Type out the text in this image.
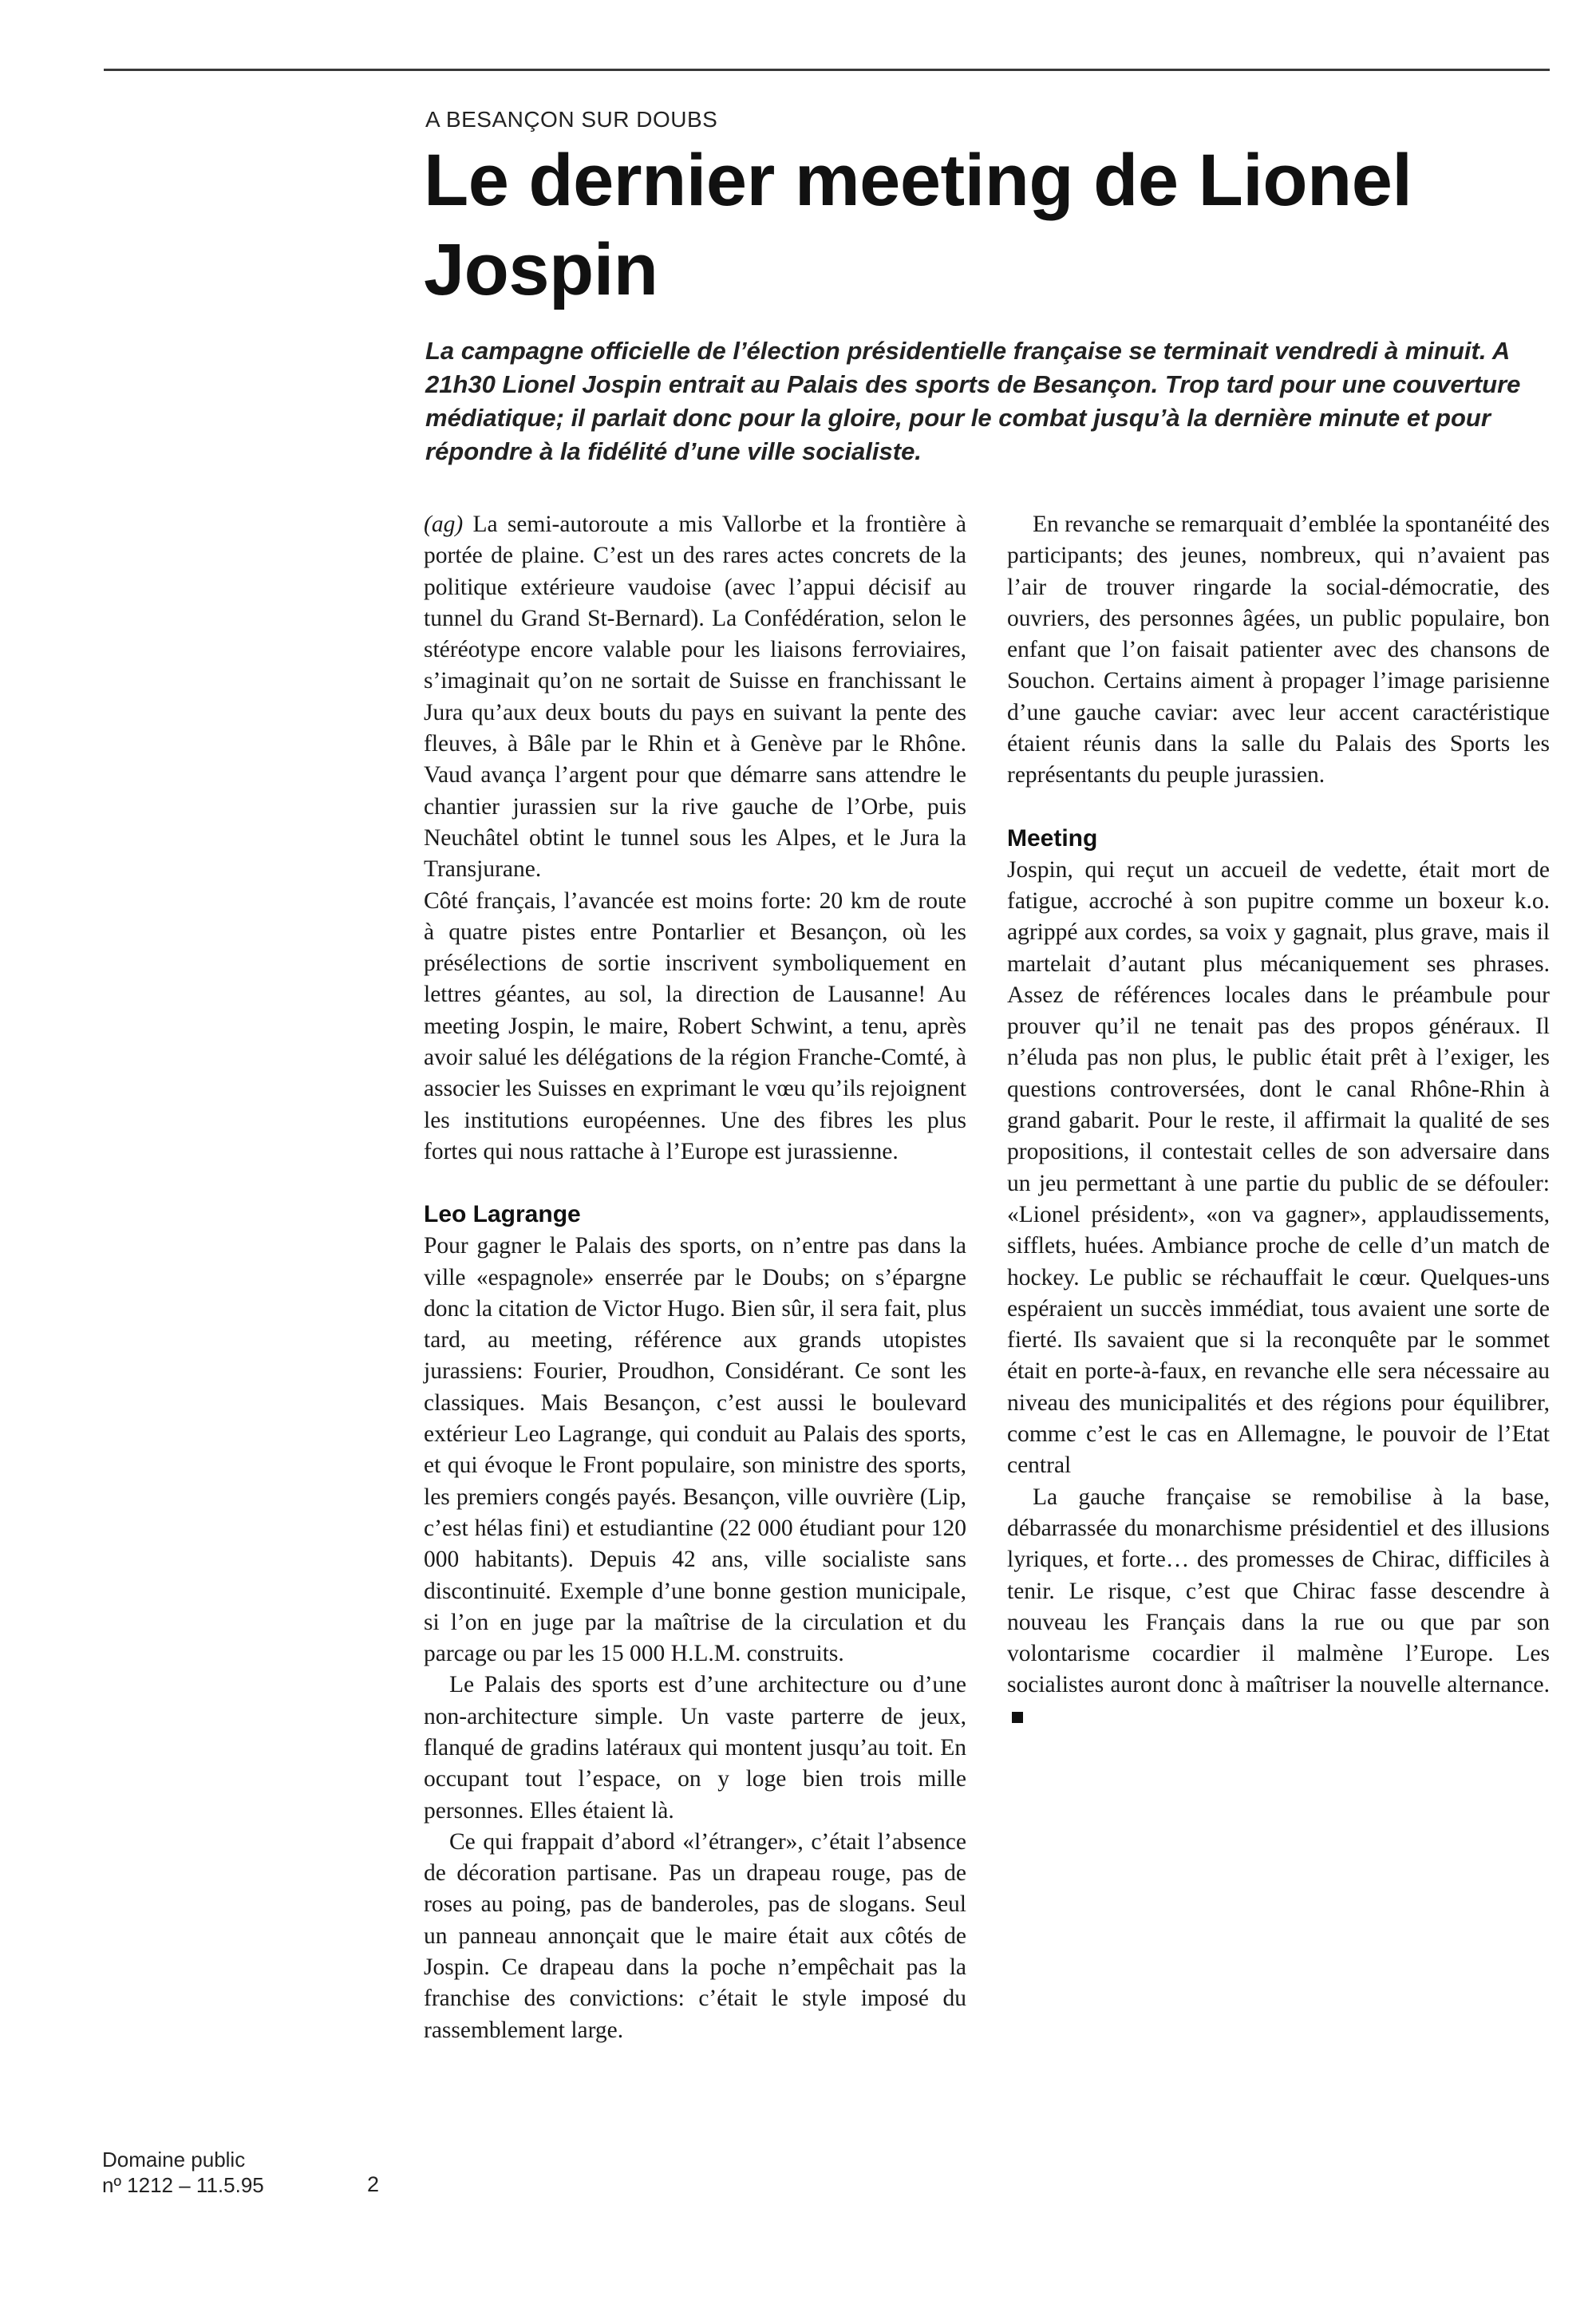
A BESANÇON SUR DOUBS
Le dernier meeting de Lionel Jospin

La campagne officielle de l’élection présidentielle française se terminait vendredi à minuit. A 21h30 Lionel Jospin entrait au Palais des sports de Besançon. Trop tard pour une couverture médiatique; il parlait donc pour la gloire, pour le combat jusqu’à la dernière minute et pour répondre à la fidélité d’une ville socialiste.

(ag) La semi-autoroute a mis Vallorbe et la frontière à portée de plaine. C’est un des rares actes concrets de la politique extérieure vaudoise (avec l’appui décisif au tunnel du Grand St-Bernard). La Confédération, selon le stéréotype encore valable pour les liaisons ferroviaires, s’imaginait qu’on ne sortait de Suisse en franchissant le Jura qu’aux deux bouts du pays en suivant la pente des fleuves, à Bâle par le Rhin et à Genève par le Rhône. Vaud avança l’argent pour que démarre sans attendre le chantier jurassien sur la rive gauche de l’Orbe, puis Neuchâtel obtint le tunnel sous les Alpes, et le Jura la Transjurane.

Côté français, l’avancée est moins forte: 20 km de route à quatre pistes entre Pontarlier et Besançon, où les présélections de sortie inscrivent symboliquement en lettres géantes, au sol, la direction de Lausanne! Au meeting Jospin, le maire, Robert Schwint, a tenu, après avoir salué les délégations de la région Franche-Comté, à associer les Suisses en exprimant le vœu qu’ils rejoignent les institutions européennes. Une des fibres les plus fortes qui nous rattache à l’Europe est jurassienne.

Leo Lagrange

Pour gagner le Palais des sports, on n’entre pas dans la ville «espagnole» enserrée par le Doubs; on s’épargne donc la citation de Victor Hugo. Bien sûr, il sera fait, plus tard, au meeting, référence aux grands utopistes jurassiens: Fourier, Proudhon, Considérant. Ce sont les classiques. Mais Besançon, c’est aussi le boulevard extérieur Leo Lagrange, qui conduit au Palais des sports, et qui évoque le Front populaire, son ministre des sports, les premiers congés payés. Besançon, ville ouvrière (Lip, c’est hélas fini) et estudiantine (22 000 étudiant pour 120 000 habitants). Depuis 42 ans, ville socialiste sans discontinuité. Exemple d’une bonne gestion municipale, si l’on en juge par la maîtrise de la circulation et du parcage ou par les 15 000 H.L.M. construits.

Le Palais des sports est d’une architecture ou d’une non-architecture simple. Un vaste parterre de jeux, flanqué de gradins latéraux qui montent jusqu’au toit. En occupant tout l’espace, on y loge bien trois mille personnes. Elles étaient là.

Ce qui frappait d’abord «l’étranger», c’était l’absence de décoration partisane. Pas un drapeau rouge, pas de roses au poing, pas de banderoles, pas de slogans. Seul un panneau annonçait que le maire était aux côtés de Jospin. Ce drapeau dans la poche n’empêchait pas la franchise des convictions: c’était le style imposé du rassemblement large.

En revanche se remarquait d’emblée la spontanéité des participants; des jeunes, nombreux, qui n’avaient pas l’air de trouver ringarde la social-démocratie, des ouvriers, des personnes âgées, un public populaire, bon enfant que l’on faisait patienter avec des chansons de Souchon. Certains aiment à propager l’image parisienne d’une gauche caviar: avec leur accent caractéristique étaient réunis dans la salle du Palais des Sports les représentants du peuple jurassien.

Meeting

Jospin, qui reçut un accueil de vedette, était mort de fatigue, accroché à son pupitre comme un boxeur k.o. agrippé aux cordes, sa voix y gagnait, plus grave, mais il martelait d’autant plus mécaniquement ses phrases. Assez de références locales dans le préambule pour prouver qu’il ne tenait pas des propos généraux. Il n’éluda pas non plus, le public était prêt à l’exiger, les questions controversées, dont le canal Rhône-Rhin à grand gabarit. Pour le reste, il affirmait la qualité de ses propositions, il contestait celles de son adversaire dans un jeu permettant à une partie du public de se défouler: «Lionel président», «on va gagner», applaudissements, sifflets, huées. Ambiance proche de celle d’un match de hockey. Le public se réchauffait le cœur. Quelques-uns espéraient un succès immédiat, tous avaient une sorte de fierté. Ils savaient que si la reconquête par le sommet était en porte-à-faux, en revanche elle sera nécessaire au niveau des municipalités et des régions pour équilibrer, comme c’est le cas en Allemagne, le pouvoir de l’Etat central

La gauche française se remobilise à la base, débarrassée du monarchisme présidentiel et des illusions lyriques, et forte… des promesses de Chirac, difficiles à tenir. Le risque, c’est que Chirac fasse descendre à nouveau les Français dans la rue ou que par son volontarisme cocardier il malmène l’Europe. Les socialistes auront donc à maîtriser la nouvelle alternance.

Domaine public
nº 1212 – 11.5.95	2
